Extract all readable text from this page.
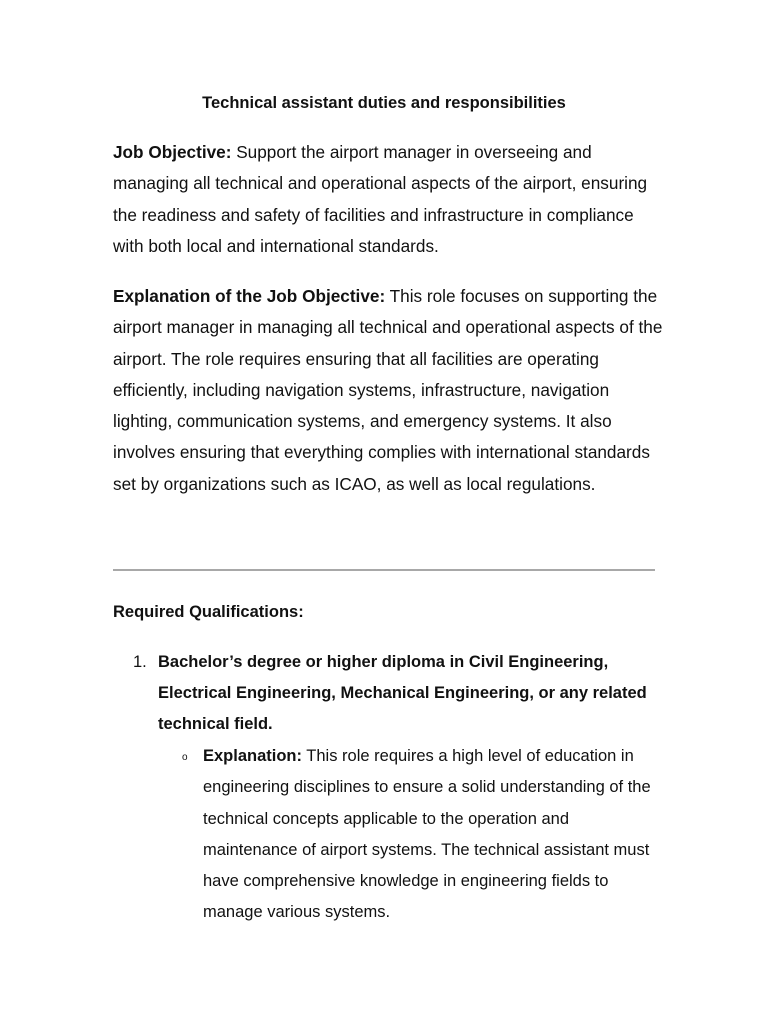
Technical assistant duties and responsibilities

Job Objective: Support the airport manager in overseeing and managing all technical and operational aspects of the airport, ensuring the readiness and safety of facilities and infrastructure in compliance with both local and international standards.

Explanation of the Job Objective: This role focuses on supporting the airport manager in managing all technical and operational aspects of the airport. The role requires ensuring that all facilities are operating efficiently, including navigation systems, infrastructure, navigation lighting, communication systems, and emergency systems. It also involves ensuring that everything complies with international standards set by organizations such as ICAO, as well as local regulations.

Required Qualifications:
1. Bachelor’s degree or higher diploma in Civil Engineering, Electrical Engineering, Mechanical Engineering, or any related technical field.

o Explanation: This role requires a high level of education in engineering disciplines to ensure a solid understanding of the technical concepts applicable to the operation and maintenance of airport systems. The technical assistant must have comprehensive knowledge in engineering fields to manage various systems.
